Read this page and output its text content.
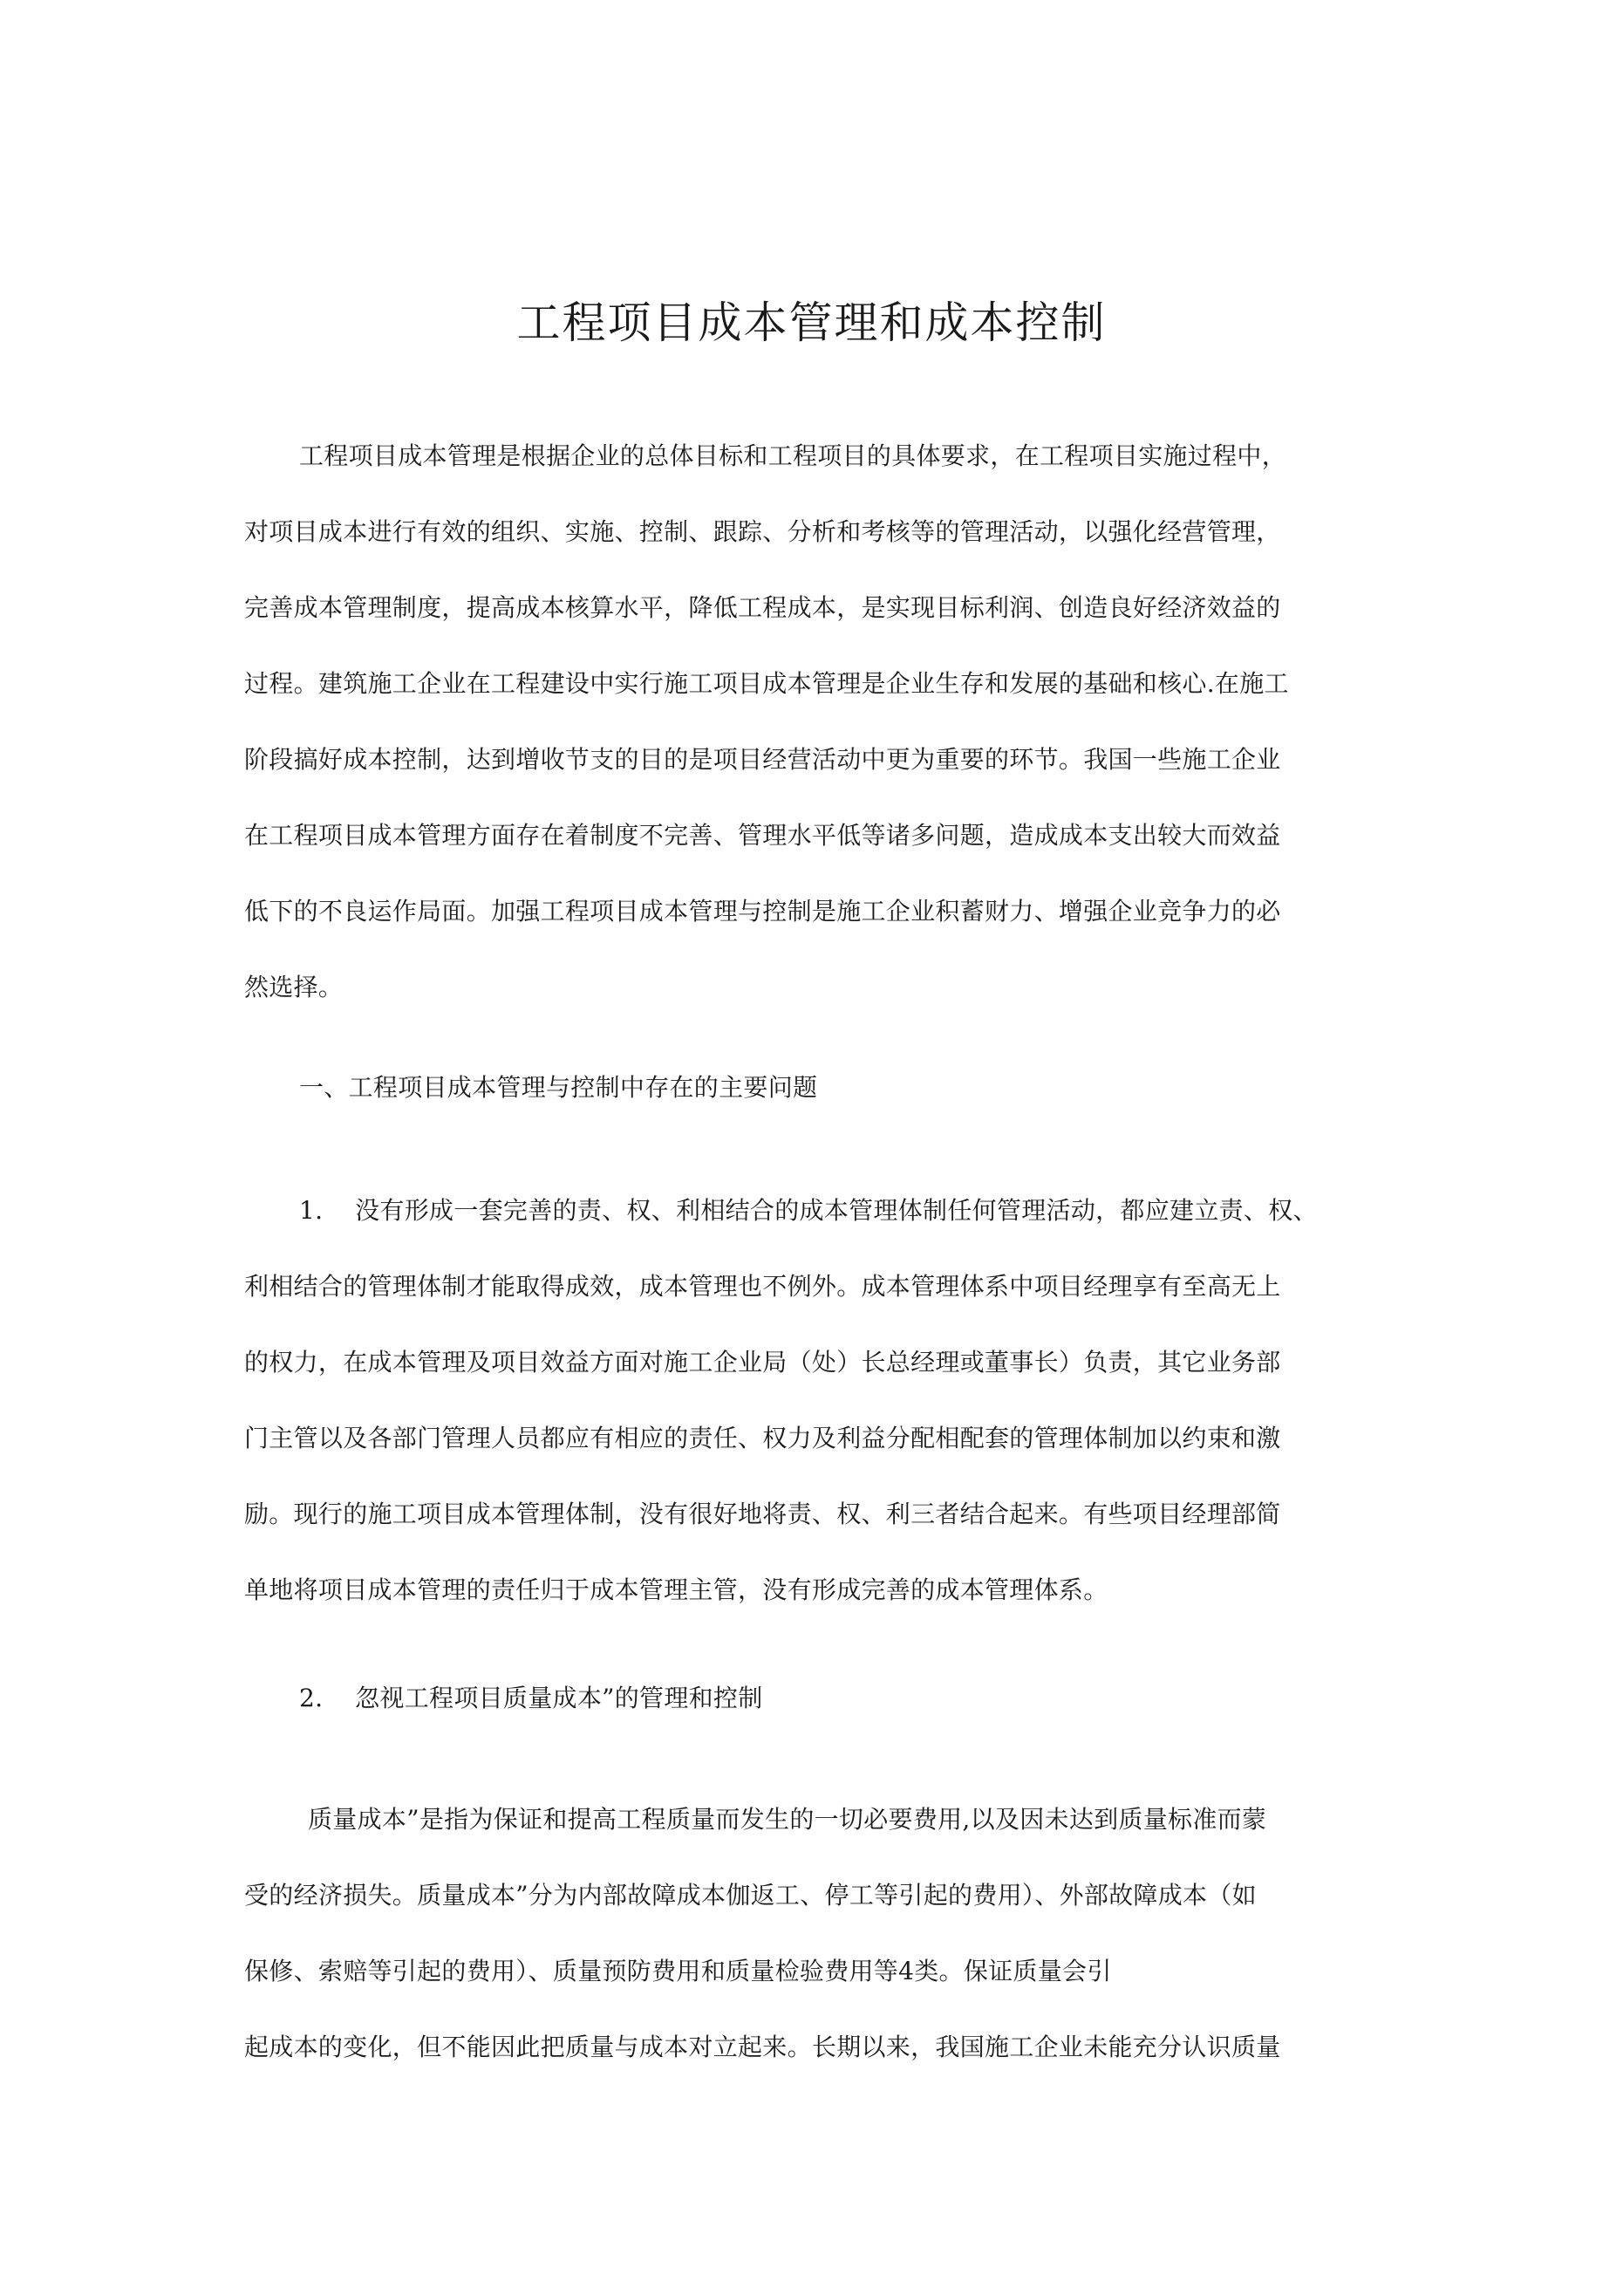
工程项目成本管理和成本控制
工程项目成本管理是根据企业的总体目标和工程项目的具体要求，在工程项目实施过程中，
对项目成本进行有效的组织、实施、控制、跟踪、分析和考核等的管理活动，以强化经营管理，
完善成本管理制度，提高成本核算水平，降低工程成本，是实现目标利润、创造良好经济效益的
过程。建筑施工企业在工程建设中实行施工项目成本管理是企业生存和发展的基础和核心.在施工
阶段搞好成本控制，达到增收节支的目的是项目经营活动中更为重要的环节。我国一些施工企业
在工程项目成本管理方面存在着制度不完善、管理水平低等诸多问题，造成成本支出较大而效益
低下的不良运作局面。加强工程项目成本管理与控制是施工企业积蓄财力、增强企业竞争力的必
然选择。
一、工程项目成本管理与控制中存在的主要问题
1.    没有形成一套完善的责、权、利相结合的成本管理体制任何管理活动，都应建立责、权、
利相结合的管理体制才能取得成效，成本管理也不例外。成本管理体系中项目经理享有至高无上
的权力，在成本管理及项目效益方面对施工企业局（处）长总经理或董事长）负责，其它业务部
门主管以及各部门管理人员都应有相应的责任、权力及利益分配相配套的管理体制加以约束和激
励。现行的施工项目成本管理体制，没有很好地将责、权、利三者结合起来。有些项目经理部简
单地将项目成本管理的责任归于成本管理主管，没有形成完善的成本管理体系。
2.    忽视工程项目质量成本”的管理和控制
质量成本”是指为保证和提高工程质量而发生的一切必要费用,以及因未达到质量标准而蒙
受的经济损失。质量成本”分为内部故障成本伽返工、停工等引起的费用）、外部故障成本（如
保修、索赔等引起的费用）、质量预防费用和质量检验费用等4类。保证质量会引
起成本的变化，但不能因此把质量与成本对立起来。长期以来，我国施工企业未能充分认识质量
